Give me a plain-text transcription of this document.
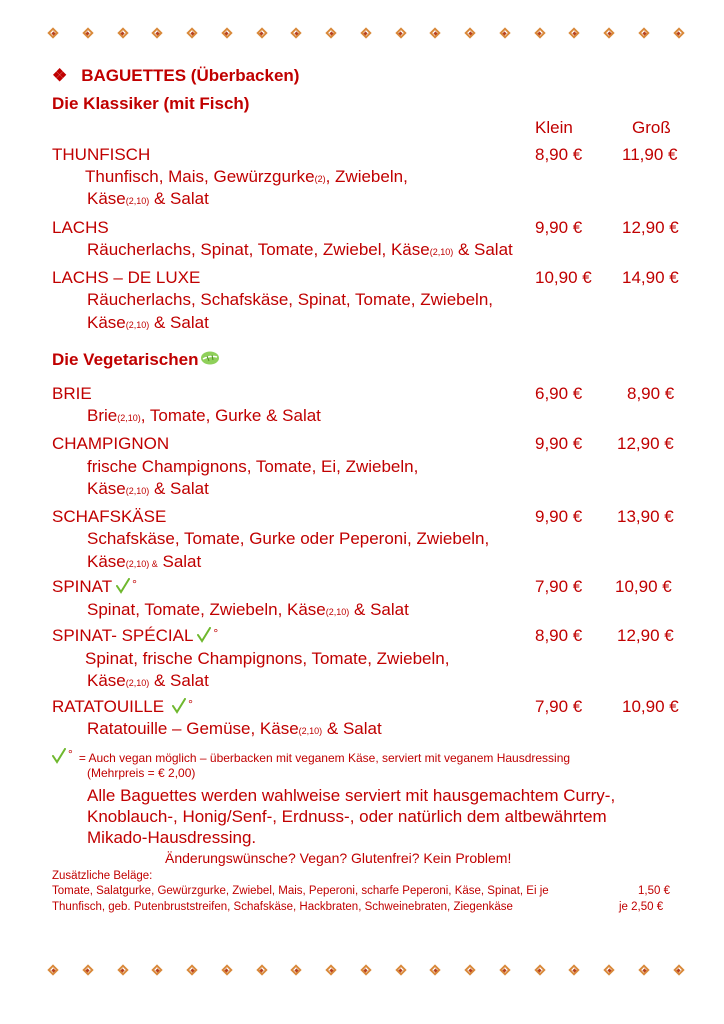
❖ BAGUETTES (Überbacken)
Die Klassiker (mit Fisch)
Klein	Groß
THUNFISCH	8,90 € 11,90 €
Thunfisch, Mais, Gewürzgurke(2), Zwiebeln,
Käse(2,10) & Salat
LACHS	9,90 € 12,90 €
Räucherlachs, Spinat, Tomate, Zwiebel, Käse(2,10) & Salat
LACHS – DE LUXE	10,90 € 14,90 €
Räucherlachs, Schafskäse, Spinat, Tomate, Zwiebeln,
Käse(2,10) & Salat
Die Vegetarischen
BRIE	6,90 €	8,90 €
Brie(2,10), Tomate, Gurke & Salat
CHAMPIGNON	9,90 € 12,90 €
frische Champignons, Tomate, Ei, Zwiebeln,
Käse(2,10) & Salat
SCHAFSKÄSE	9,90 € 13,90 €
Schafskäse, Tomate, Gurke oder Peperoni, Zwiebeln,
Käse(2,10) & Salat
SPINAT °	7,90 € 10,90 €
Spinat, Tomate, Zwiebeln, Käse(2,10) & Salat
SPINAT- SPÉCIAL °	8,90 € 12,90 €
Spinat, frische Champignons, Tomate, Zwiebeln,
Käse(2,10) & Salat
RATATOUILLE °	7,90 € 10,90 €
Ratatouille – Gemüse, Käse(2,10) & Salat
° = Auch vegan möglich – überbacken mit veganem Käse, serviert mit veganem Hausdressing
(Mehrpreis = € 2,00)
Alle Baguettes werden wahlweise serviert mit hausgemachtem Curry-,
Knoblauch-, Honig/Senf-, Erdnuss-, oder natürlich dem altbewährtem
Mikado-Hausdressing.
Änderungswünsche? Vegan? Glutenfrei? Kein Problem!
Zusätzliche Beläge:
Tomate, Salatgurke, Gewürzgurke, Zwiebel, Mais, Peperoni, scharfe Peperoni, Käse, Spinat, Ei je	1,50 €
Thunfisch, geb. Putenbruststreifen, Schafskäse, Hackbraten, Schweinebraten, Ziegenkäse	je 2,50 €
